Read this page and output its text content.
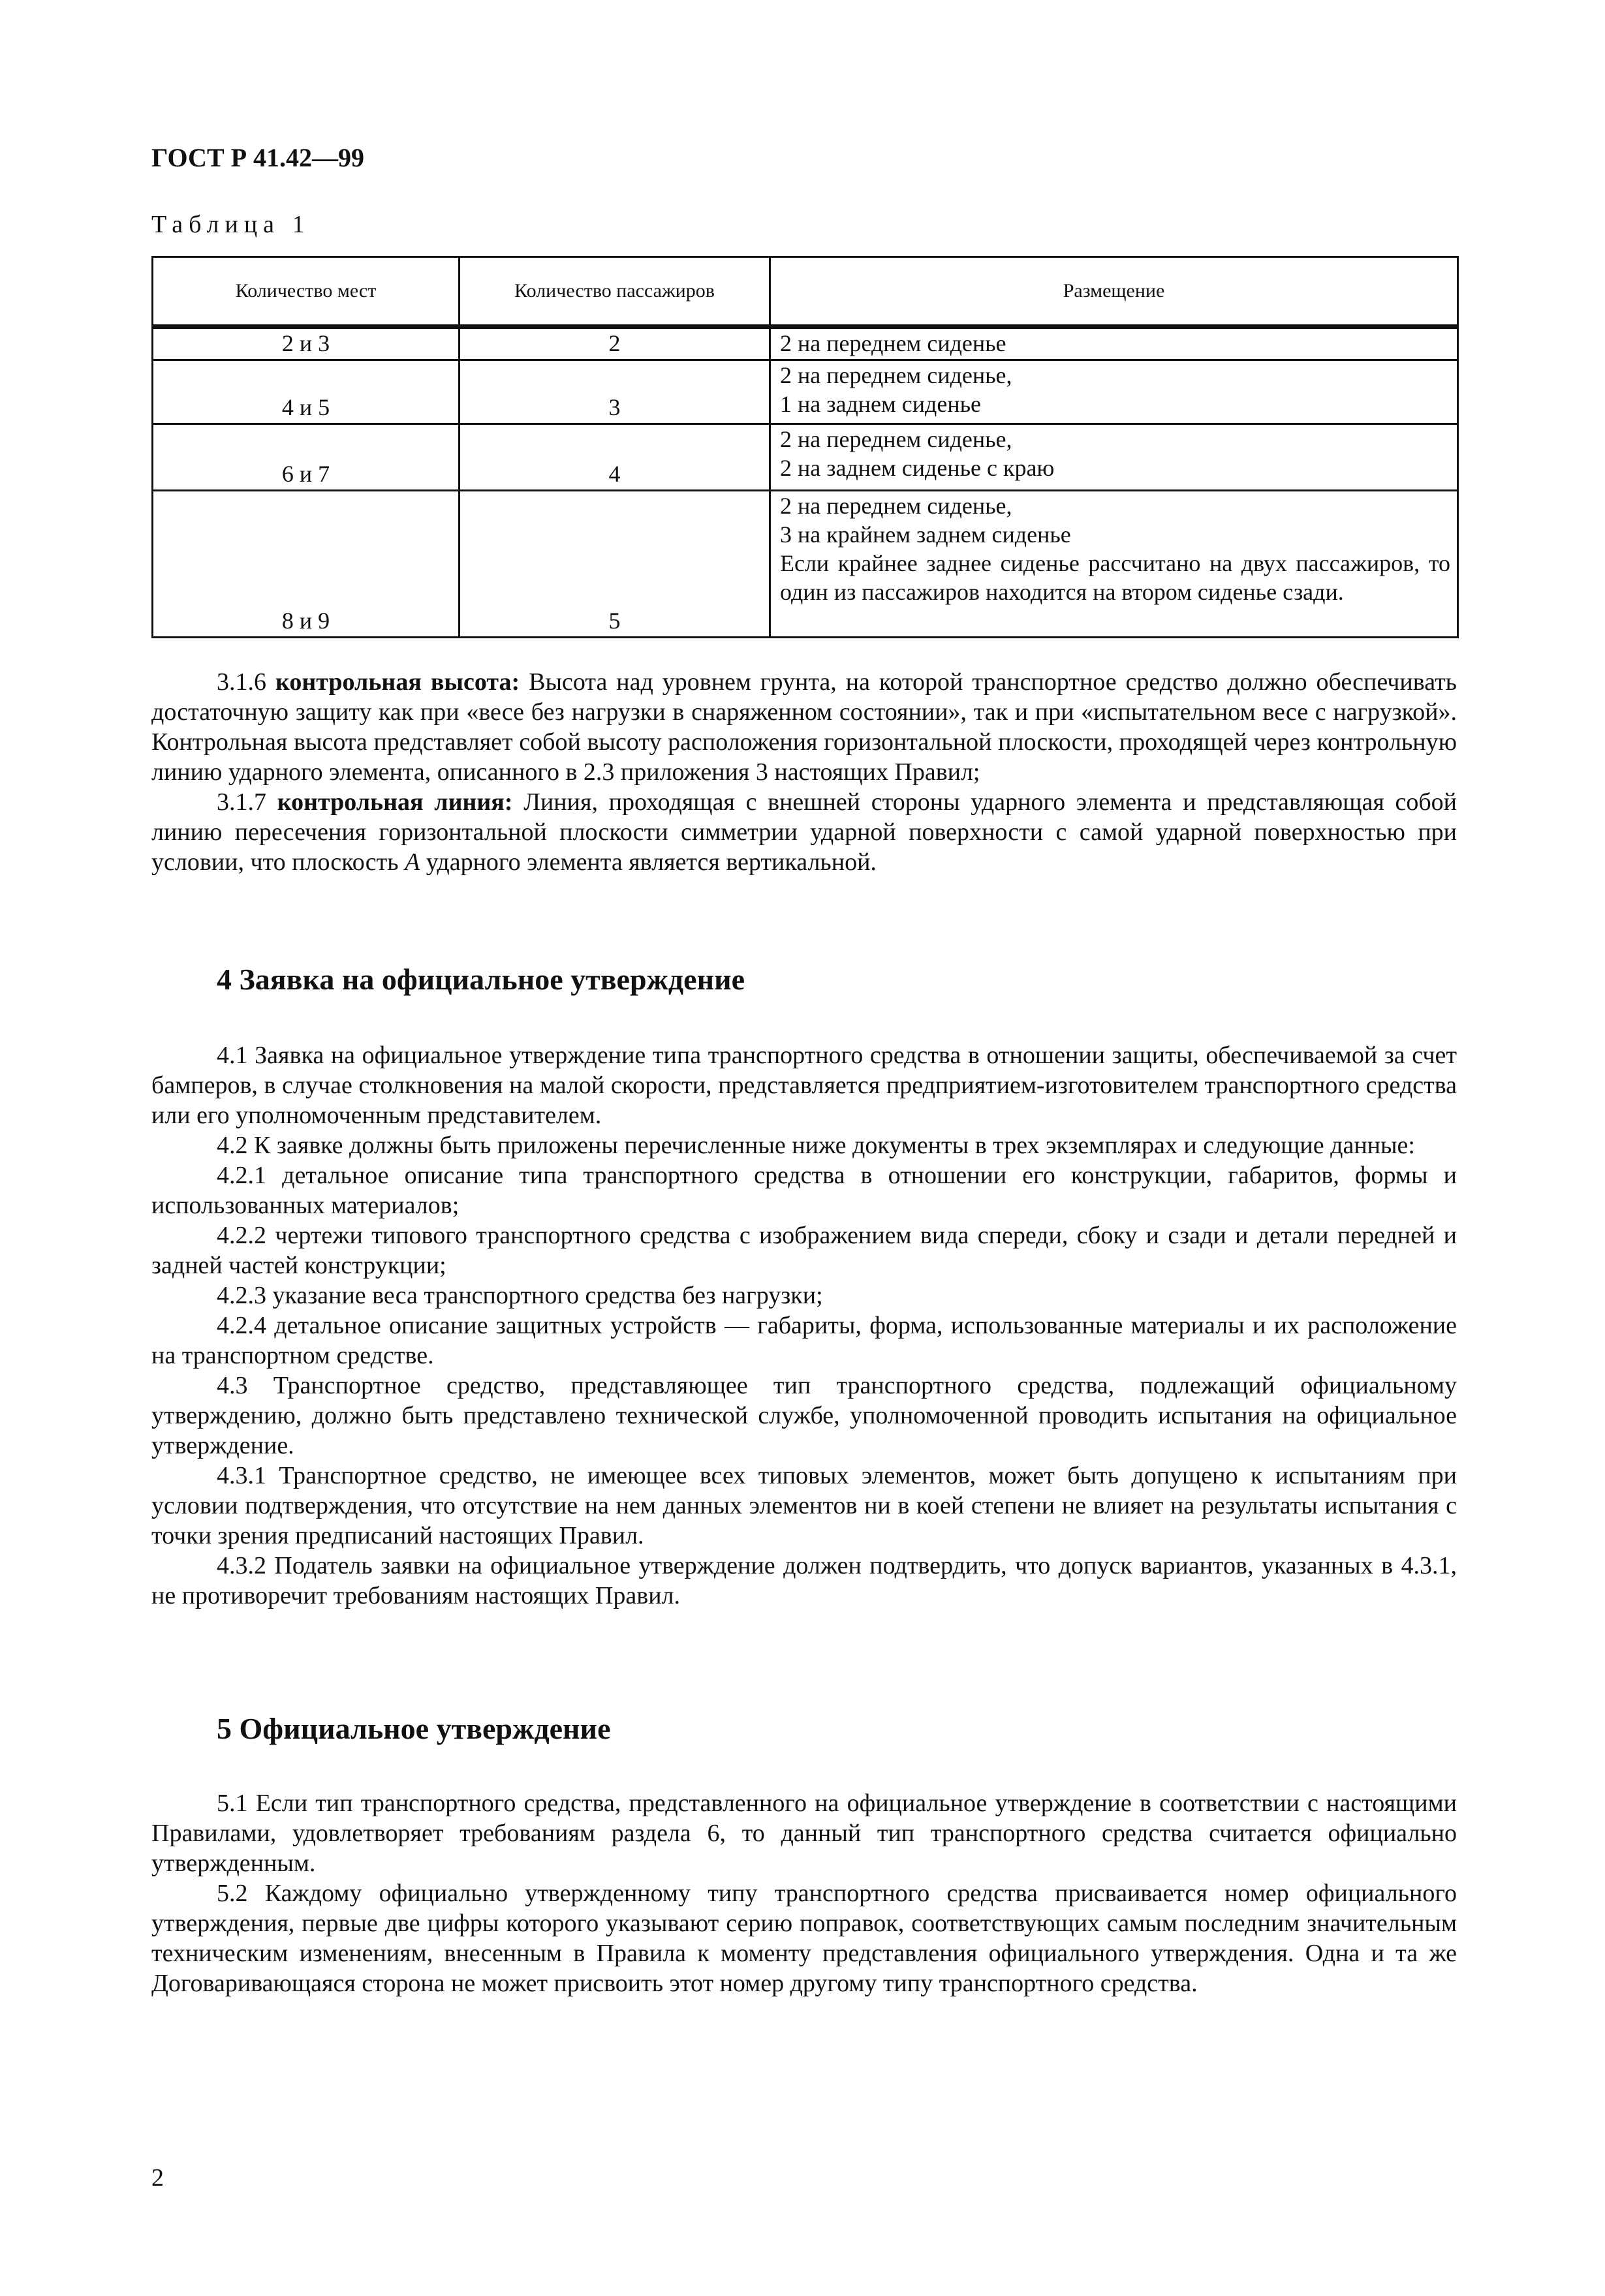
ГОСТ Р 41.42—99
Таблица 1
Количество мест	Количество пассажиров	Размещение
2 и 3	2	2 на переднем сиденье

4 и 5	3	2 на переднем сиденье,
1 на заднем сиденье

6 и 7	4	2 на переднем сиденье,
2 на заднем сиденье с краю

8 и 9	5	2 на переднем сиденье,
3 на крайнем заднем сиденье
Если крайнее заднее сиденье рассчитано на двух пассажиров, то один из пассажиров находится на втором сиденье сзади.

3.1.6 контрольная высота: Высота над уровнем грунта, на которой транспортное средство должно обеспечивать достаточную защиту как при «весе без нагрузки в снаряженном состоянии», так и при «испытательном весе с нагрузкой». Контрольная высота представляет собой высоту расположения горизонтальной плоскости, проходящей через контрольную линию ударного элемента, описанного в 2.3 приложения 3 настоящих Правил;

3.1.7 контрольная линия: Линия, проходящая с внешней стороны ударного элемента и представляющая собой линию пересечения горизонтальной плоскости симметрии ударной поверхности с самой ударной поверхностью при условии, что плоскость А ударного элемента является вертикальной.

4 Заявка на официальное утверждение

4.1 Заявка на официальное утверждение типа транспортного средства в отношении защиты, обеспечиваемой за счет бамперов, в случае столкновения на малой скорости, представляется предприятием-изготовителем транспортного средства или его уполномоченным представителем.

4.2 К заявке должны быть приложены перечисленные ниже документы в трех экземплярах и следующие данные:

4.2.1 детальное описание типа транспортного средства в отношении его конструкции, габаритов, формы и использованных материалов;

4.2.2 чертежи типового транспортного средства с изображением вида спереди, сбоку и сзади и детали передней и задней частей конструкции;

4.2.3 указание веса транспортного средства без нагрузки;

4.2.4 детальное описание защитных устройств — габариты, форма, использованные материалы и их расположение на транспортном средстве.

4.3 Транспортное средство, представляющее тип транспортного средства, подлежащий официальному утверждению, должно быть представлено технической службе, уполномоченной проводить испытания на официальное утверждение.

4.3.1 Транспортное средство, не имеющее всех типовых элементов, может быть допущено к испытаниям при условии подтверждения, что отсутствие на нем данных элементов ни в коей степени не влияет на результаты испытания с точки зрения предписаний настоящих Правил.

4.3.2 Податель заявки на официальное утверждение должен подтвердить, что допуск вариантов, указанных в 4.3.1, не противоречит требованиям настоящих Правил.

5 Официальное утверждение

5.1 Если тип транспортного средства, представленного на официальное утверждение в соответствии с настоящими Правилами, удовлетворяет требованиям раздела 6, то данный тип транспортного средства считается официально утвержденным.

5.2 Каждому официально утвержденному типу транспортного средства присваивается номер официального утверждения, первые две цифры которого указывают серию поправок, соответствующих самым последним значительным техническим изменениям, внесенным в Правила к моменту представления официального утверждения. Одна и та же Договаривающаяся сторона не может присвоить этот номер другому типу транспортного средства.

2
